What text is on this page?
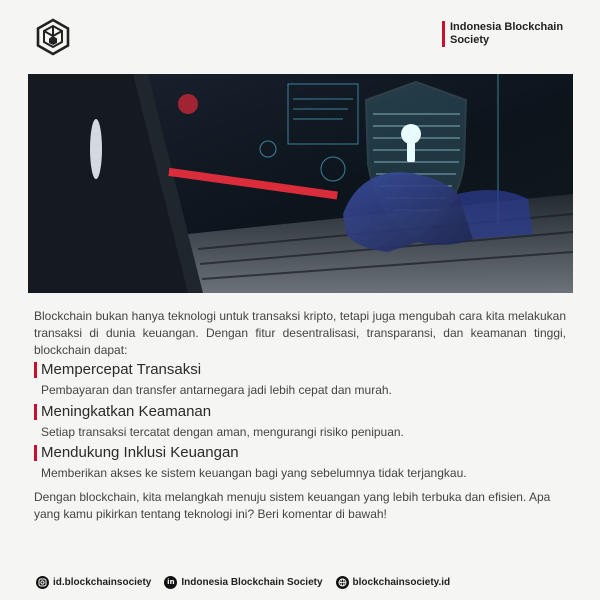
Indonesia Blockchain Society

Blockchain bukan hanya teknologi untuk transaksi kripto, tetapi juga mengubah cara kita melakukan transaksi di dunia keuangan. Dengan fitur desentralisasi, transparansi, dan keamanan tinggi, blockchain dapat:

Mempercepat Transaksi
Pembayaran dan transfer antarnegara jadi lebih cepat dan murah.
Meningkatkan Keamanan
Setiap transaksi tercatat dengan aman, mengurangi risiko penipuan.
Mendukung Inklusi Keuangan
Memberikan akses ke sistem keuangan bagi yang sebelumnya tidak terjangkau.

Dengan blockchain, kita melangkah menuju sistem keuangan yang lebih terbuka dan efisien. Apa yang kamu pikirkan tentang teknologi ini? Beri komentar di bawah!

id.blockchainsociety	in Indonesia Blockchain Society	blockchainsociety.id
